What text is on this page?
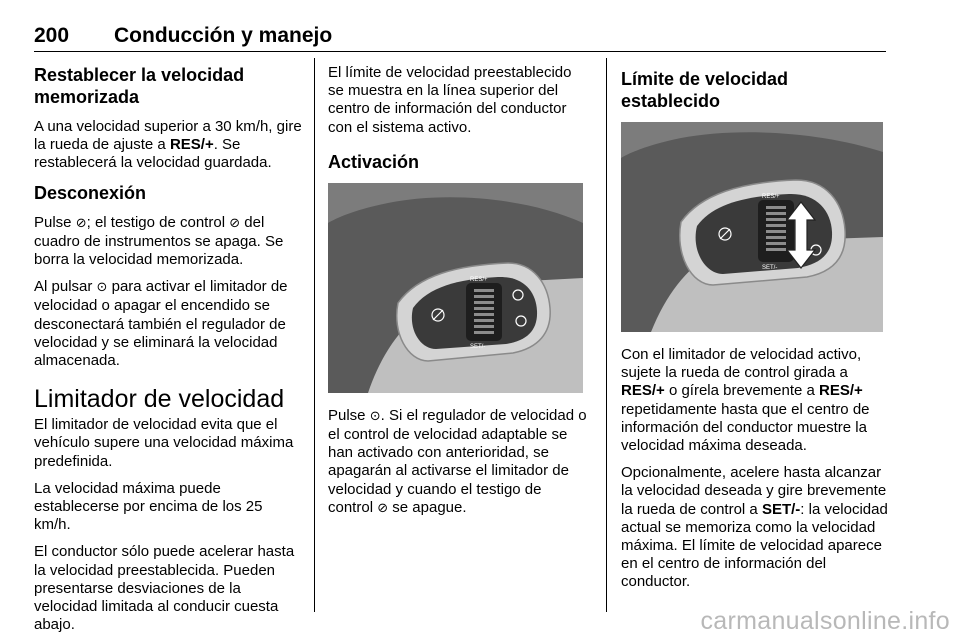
200 Conducción y manejo
Restablecer la velocidad memorizada

A una velocidad superior a 30 km/h, gire la rueda de ajuste a RES/+. Se restablecerá la velocidad guardada.

Desconexión

Pulse ⊘; el testigo de control ⊘ del cuadro de instrumentos se apaga. Se borra la velocidad memorizada.

Al pulsar ⊙ para activar el limitador de velocidad o apagar el encendido se desconectará también el regulador de velocidad y se eliminará la velocidad almacenada.

Limitador de velocidad

El limitador de velocidad evita que el vehículo supere una velocidad máxima predefinida.

La velocidad máxima puede establecerse por encima de los 25 km/h.

El conductor sólo puede acelerar hasta la velocidad preestablecida. Pueden presentarse desviaciones de la velocidad limitada al conducir cuesta abajo.

El límite de velocidad preestablecido se muestra en la línea superior del centro de información del conductor con el sistema activo.

Activación
RES/+
SET/-

Pulse ⊙. Si el regulador de velocidad o el control de velocidad adaptable se han activado con anterioridad, se apagarán al activarse el limitador de velocidad y cuando el testigo de control ⊘ se apague.

Límite de velocidad establecido
RES/+
SET/-

Con el limitador de velocidad activo, sujete la rueda de control girada a RES/+ o gírela brevemente a RES/+ repetidamente hasta que el centro de información del conductor muestre la velocidad máxima deseada.

Opcionalmente, acelere hasta alcanzar la velocidad deseada y gire brevemente la rueda de control a SET/-: la velocidad actual se memoriza como la velocidad máxima. El límite de velocidad aparece en el centro de información del conductor.

carmanualsonline.info
